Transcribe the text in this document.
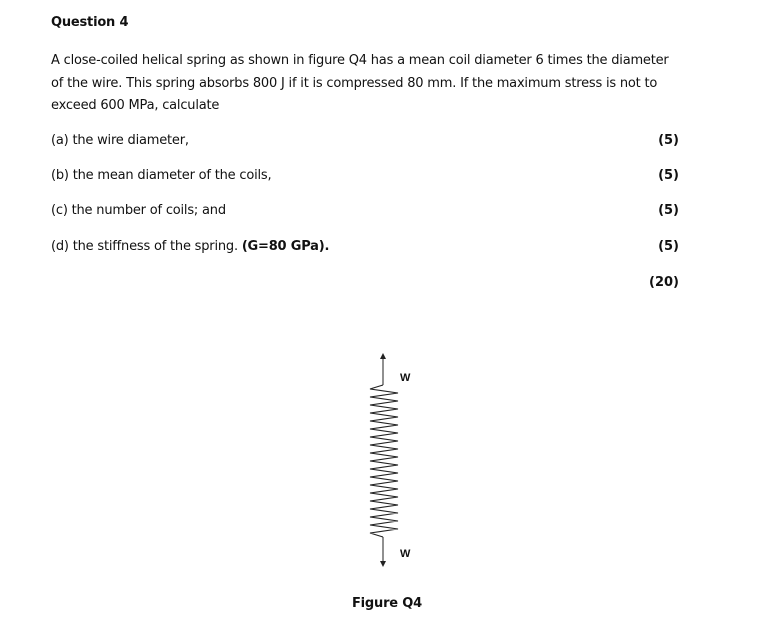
Question 4
A close-coiled helical spring as shown in figure Q4 has a mean coil diameter 6 times the diameter
of the wire. This spring absorbs 800 J if it is compressed 80 mm. If the maximum stress is not to
exceed 600 MPa, calculate
(a) the wire diameter,	(5)
(b) the mean diameter of the coils,	(5)
(c) the number of coils; and	(5)
(d) the stiffness of the spring. (G=80 GPa).	(5)
(20)
W
W
Figure Q4
